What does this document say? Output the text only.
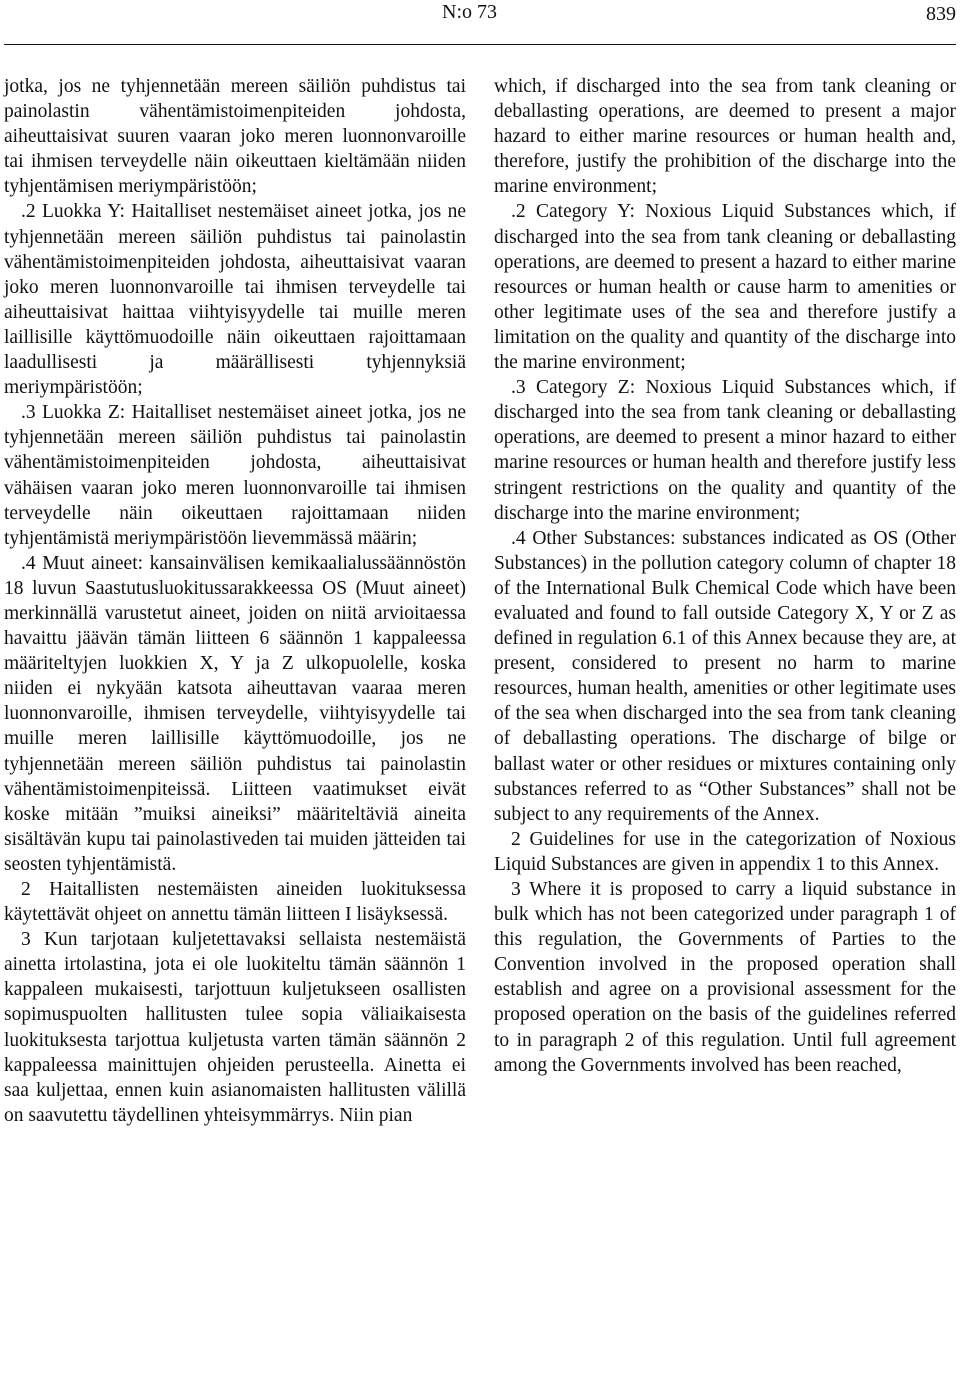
N:o 73	839

jotka, jos ne tyhjennetään mereen säiliön puhdistus tai painolastin vähentämistoimenpiteiden johdosta, aiheuttaisivat suuren vaaran joko meren luonnonvaroille tai ihmisen terveydelle näin oikeuttaen kieltämään niiden tyhjentämisen meriympäristöön;

.2 Luokka Y: Haitalliset nestemäiset aineet jotka, jos ne tyhjennetään mereen säiliön puhdistus tai painolastin vähentämistoimenpiteiden johdosta, aiheuttaisivat vaaran joko meren luonnonvaroille tai ihmisen terveydelle tai aiheuttaisivat haittaa viihtyisyydelle tai muille meren laillisille käyttömuodoille näin oikeuttaen rajoittamaan laadullisesti ja määrällisesti tyhjennyksiä meriympäristöön;

.3 Luokka Z: Haitalliset nestemäiset aineet jotka, jos ne tyhjennetään mereen säiliön puhdistus tai painolastin vähentämistoimenpiteiden johdosta, aiheuttaisivat vähäisen vaaran joko meren luonnonvaroille tai ihmisen terveydelle näin oikeuttaen rajoittamaan niiden tyhjentämistä meriympäristöön lievemmässä määrin;

.4 Muut aineet: kansainvälisen kemikaalialussäännöstön 18 luvun Saastutusluokitussarakkeessa OS (Muut aineet) merkinnällä varustetut aineet, joiden on niitä arvioitaessa havaittu jäävän tämän liitteen 6 säännön 1 kappaleessa määriteltyjen luokkien X, Y ja Z ulkopuolelle, koska niiden ei nykyään katsota aiheuttavan vaaraa meren luonnonvaroille, ihmisen terveydelle, viihtyisyydelle tai muille meren laillisille käyttömuodoille, jos ne tyhjennetään mereen säiliön puhdistus tai painolastin vähentämistoimenpiteissä. Liitteen vaatimukset eivät koske mitään ”muiksi aineiksi” määriteltäviä aineita sisältävän kupu tai painolastiveden tai muiden jätteiden tai seosten tyhjentämistä.

2 Haitallisten nestemäisten aineiden luokituksessa käytettävät ohjeet on annettu tämän liitteen I lisäyksessä.

3 Kun tarjotaan kuljetettavaksi sellaista nestemäistä ainetta irtolastina, jota ei ole luokiteltu tämän säännön 1 kappaleen mukaisesti, tarjottuun kuljetukseen osallisten sopimuspuolten hallitusten tulee sopia väliaikaisesta luokituksesta tarjottua kuljetusta varten tämän säännön 2 kappaleessa mainittujen ohjeiden perusteella. Ainetta ei saa kuljettaa, ennen kuin asianomaisten hallitusten välillä on saavutettu täydellinen yhteisymmärrys. Niin pian

which, if discharged into the sea from tank cleaning or deballasting operations, are deemed to present a major hazard to either marine resources or human health and, therefore, justify the prohibition of the discharge into the marine environment;

.2 Category Y: Noxious Liquid Substances which, if discharged into the sea from tank cleaning or deballasting operations, are deemed to present a hazard to either marine resources or human health or cause harm to amenities or other legitimate uses of the sea and therefore justify a limitation on the quality and quantity of the discharge into the marine environment;

.3 Category Z: Noxious Liquid Substances which, if discharged into the sea from tank cleaning or deballasting operations, are deemed to present a minor hazard to either marine resources or human health and therefore justify less stringent restrictions on the quality and quantity of the discharge into the marine environment;

.4 Other Substances: substances indicated as OS (Other Substances) in the pollution category column of chapter 18 of the International Bulk Chemical Code which have been evaluated and found to fall outside Category X, Y or Z as defined in regulation 6.1 of this Annex because they are, at present, considered to present no harm to marine resources, human health, amenities or other legitimate uses of the sea when discharged into the sea from tank cleaning of deballasting operations. The discharge of bilge or ballast water or other residues or mixtures containing only substances referred to as “Other Substances” shall not be subject to any requirements of the Annex.

2 Guidelines for use in the categorization of Noxious Liquid Substances are given in appendix 1 to this Annex.

3 Where it is proposed to carry a liquid substance in bulk which has not been categorized under paragraph 1 of this regulation, the Governments of Parties to the Convention involved in the proposed operation shall establish and agree on a provisional assessment for the proposed operation on the basis of the guidelines referred to in paragraph 2 of this regulation. Until full agreement among the Governments involved has been reached,
